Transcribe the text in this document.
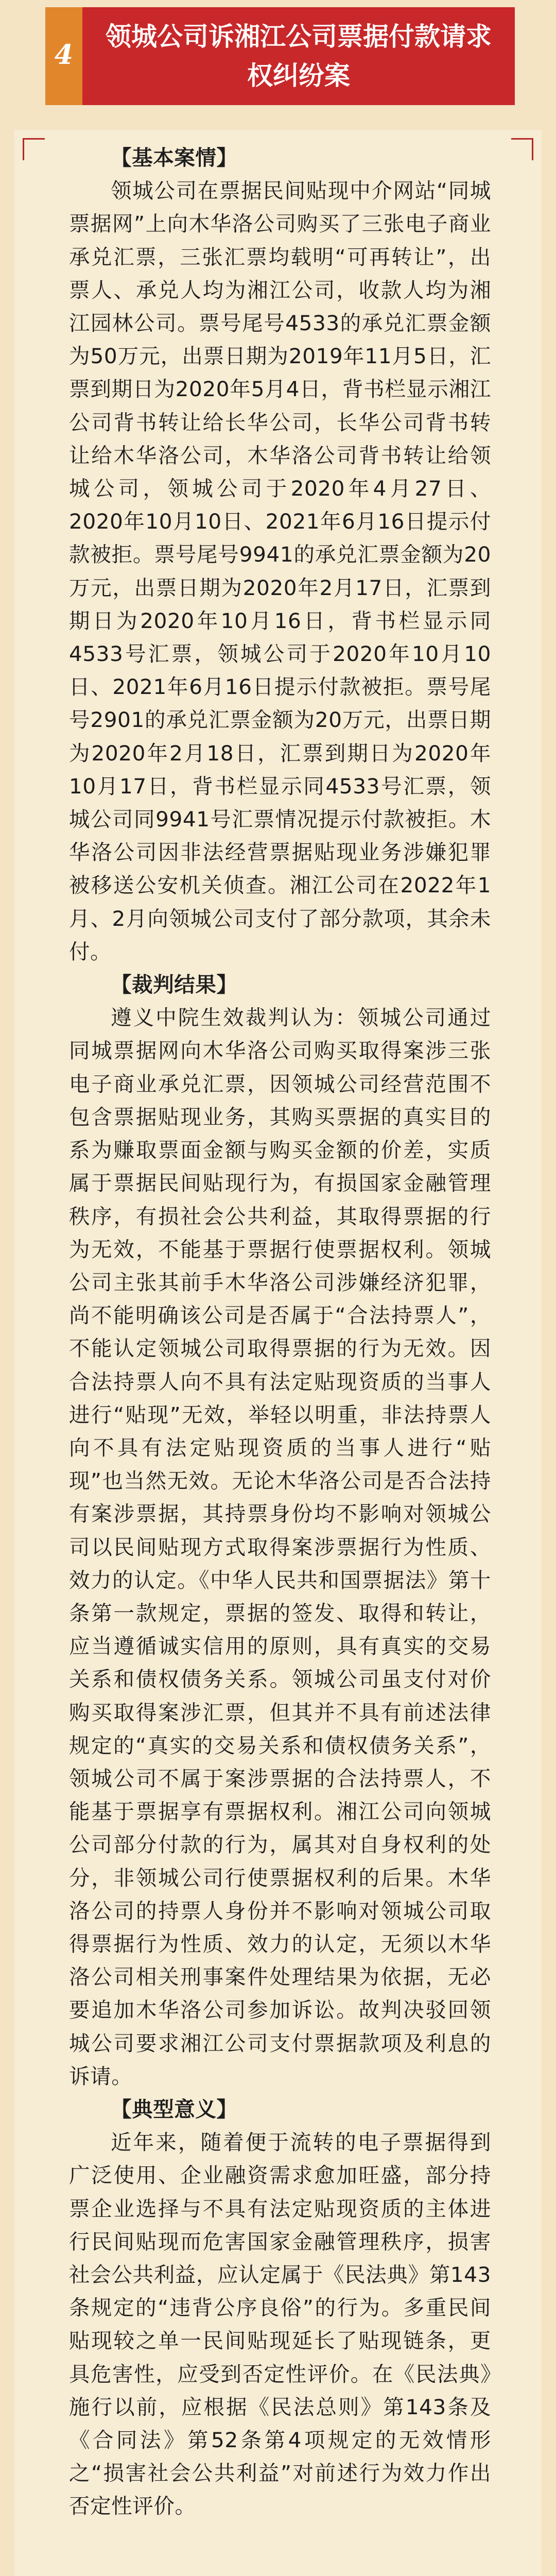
4
领城公司诉湘江公司票据付款请求
权纠纷案

【基本案情】

领城公司在票据民间贴现中介网站“同城票据网”上向木华洛公司购买了三张电子商业承兑汇票，三张汇票均载明“可再转让”，出票人、承兑人均为湘江公司，收款人均为湘江园林公司。票号尾号4533的承兑汇票金额为50万元，出票日期为2019年11月5日，汇票到期日为2020年5月4日，背书栏显示湘江公司背书转让给长华公司，长华公司背书转让给木华洛公司，木华洛公司背书转让给领城公司，领城公司于2020年4月27日、2020年10月10日、2021年6月16日提示付款被拒。票号尾号9941的承兑汇票金额为20万元，出票日期为2020年2月17日，汇票到期日为2020年10月16日，背书栏显示同4533号汇票，领城公司于2020年10月10日、2021年6月16日提示付款被拒。票号尾号2901的承兑汇票金额为20万元，出票日期为2020年2月18日，汇票到期日为2020年10月17日，背书栏显示同4533号汇票，领城公司同9941号汇票情况提示付款被拒。木华洛公司因非法经营票据贴现业务涉嫌犯罪被移送公安机关侦查。湘江公司在2022年1月、2月向领城公司支付了部分款项，其余未付。

【裁判结果】

遵义中院生效裁判认为：领城公司通过同城票据网向木华洛公司购买取得案涉三张电子商业承兑汇票，因领城公司经营范围不包含票据贴现业务，其购买票据的真实目的系为赚取票面金额与购买金额的价差，实质属于票据民间贴现行为，有损国家金融管理秩序，有损社会公共利益，其取得票据的行为无效，不能基于票据行使票据权利。领城公司主张其前手木华洛公司涉嫌经济犯罪，尚不能明确该公司是否属于“合法持票人”，不能认定领城公司取得票据的行为无效。因合法持票人向不具有法定贴现资质的当事人进行“贴现”无效，举轻以明重，非法持票人向不具有法定贴现资质的当事人进行“贴现”也当然无效。无论木华洛公司是否合法持有案涉票据，其持票身份均不影响对领城公司以民间贴现方式取得案涉票据行为性质、效力的认定。《中华人民共和国票据法》第十条第一款规定，票据的签发、取得和转让，应当遵循诚实信用的原则，具有真实的交易关系和债权债务关系。领城公司虽支付对价购买取得案涉汇票，但其并不具有前述法律规定的“真实的交易关系和债权债务关系”，领城公司不属于案涉票据的合法持票人，不能基于票据享有票据权利。湘江公司向领城公司部分付款的行为，属其对自身权利的处分，非领城公司行使票据权利的后果。木华洛公司的持票人身份并不影响对领城公司取得票据行为性质、效力的认定，无须以木华洛公司相关刑事案件处理结果为依据，无必要追加木华洛公司参加诉讼。故判决驳回领城公司要求湘江公司支付票据款项及利息的诉请。

【典型意义】

近年来，随着便于流转的电子票据得到广泛使用、企业融资需求愈加旺盛，部分持票企业选择与不具有法定贴现资质的主体进行民间贴现而危害国家金融管理秩序，损害社会公共利益，应认定属于《民法典》第143条规定的“违背公序良俗”的行为。多重民间贴现较之单一民间贴现延长了贴现链条，更具危害性，应受到否定性评价。在《民法典》施行以前，应根据《民法总则》第143条及《合同法》第52条第4项规定的无效情形之“损害社会公共利益”对前述行为效力作出否定性评价。
